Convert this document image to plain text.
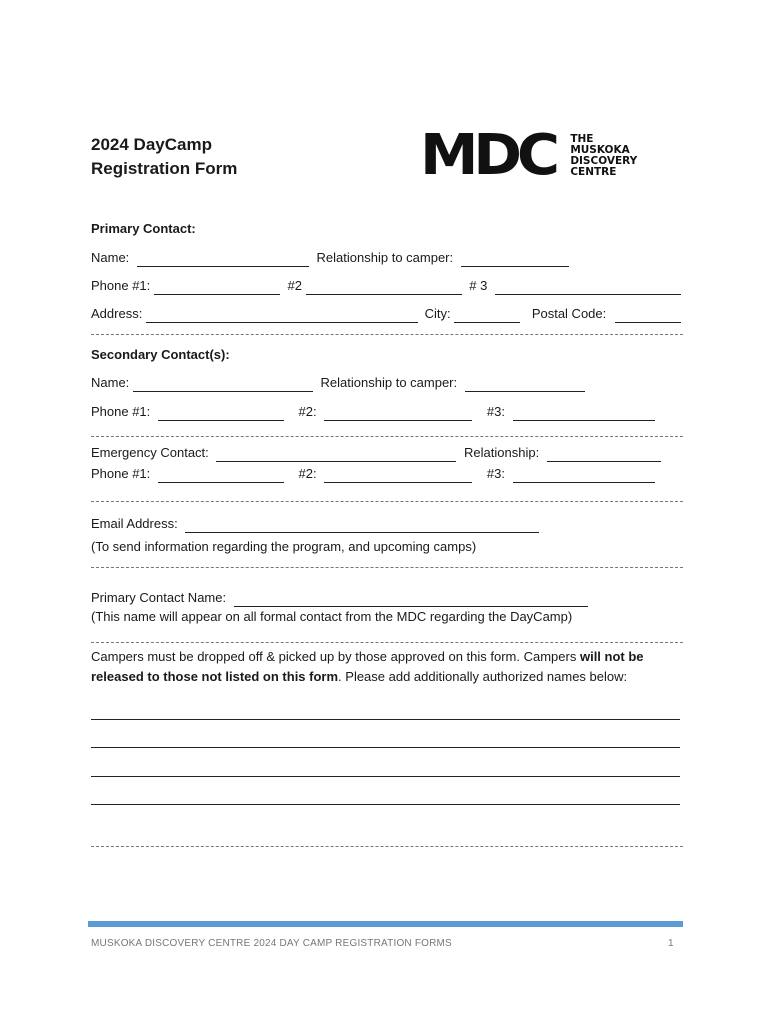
2024 DayCamp
Registration Form	MDC THE
MUSKOKA
DISCOVERY
CENTRE
Primary Contact:
Name:	Relationship to camper:
Phone #1:	#2	# 3
Address:	City:	Postal Code:
Secondary Contact(s):
Name:	Relationship to camper:
Phone #1:	#2:	#3:
Emergency Contact:	Relationship:
Phone #1:	#2:	#3:
Email Address:
(To send information regarding the program, and upcoming camps)
Primary Contact Name:
(This name will appear on all formal contact from the MDC regarding the DayCamp)
Campers must be dropped off & picked up by those approved on this form. Campers will not be released to those not listed on this form. Please add additionally authorized names below:
MUSKOKA DISCOVERY CENTRE 2024 DAY CAMP REGISTRATION FORMS	1
